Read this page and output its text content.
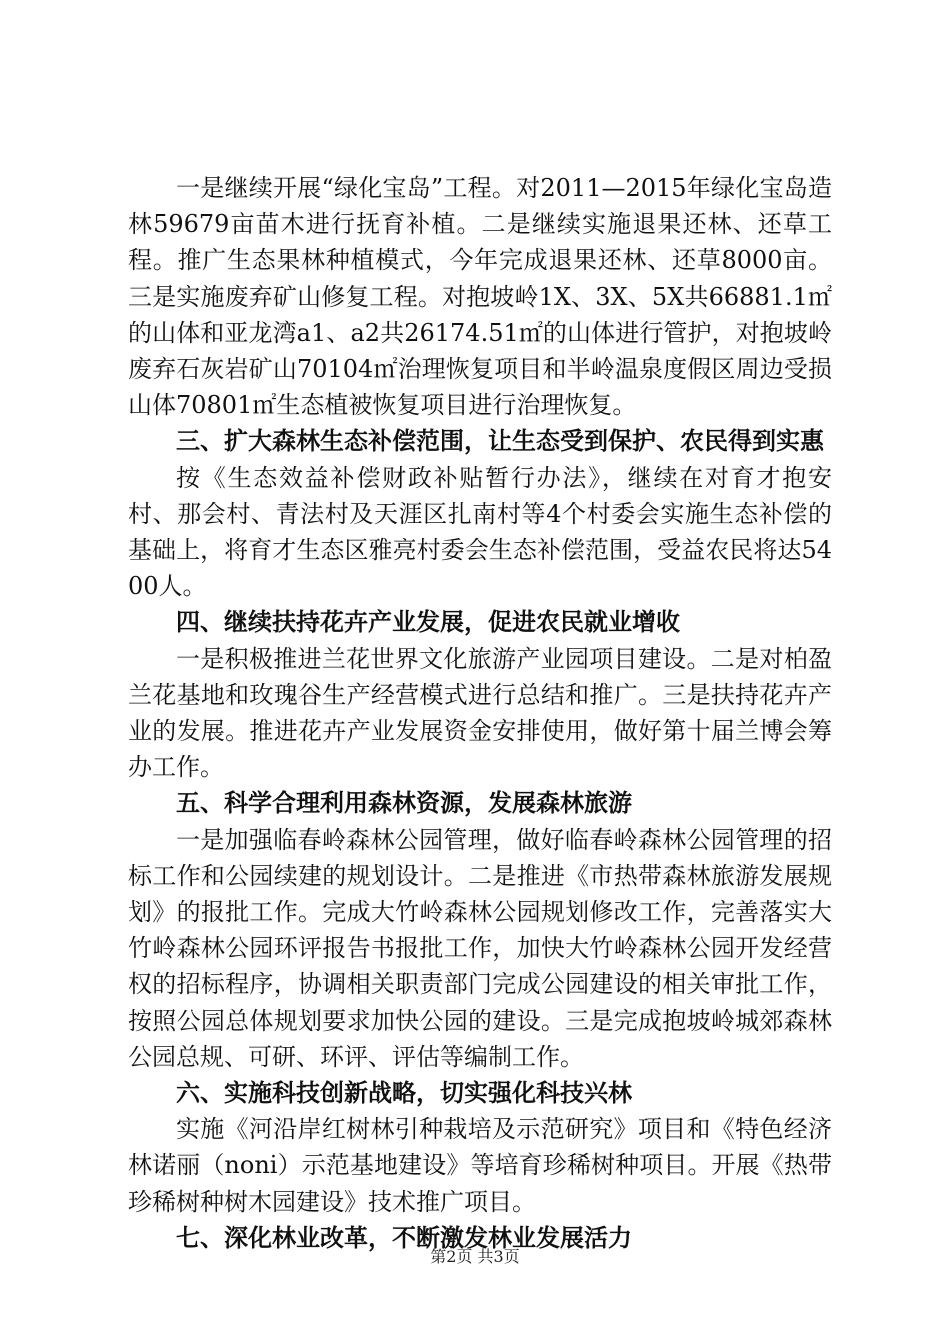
一是继续开展“绿化宝岛”工程。对2011—2015年绿化宝岛造林59679亩苗木进行抚育补植。二是继续实施退果还林、还草工程。推广生态果林种植模式，今年完成退果还林、还草8000亩。三是实施废弃矿山修复工程。对抱坡岭1X、3X、5X共66881.1㎡的山体和亚龙湾a1、a2共26174.51㎡的山体进行管护，对抱坡岭废弃石灰岩矿山70104㎡治理恢复项目和半岭温泉度假区周边受损山体70801㎡生态植被恢复项目进行治理恢复。

三、扩大森林生态补偿范围，让生态受到保护、农民得到实惠

按《生态效益补偿财政补贴暂行办法》，继续在对育才抱安村、那会村、青法村及天涯区扎南村等4个村委会实施生态补偿的基础上，将育才生态区雅亮村委会生态补偿范围，受益农民将达5400人。

四、继续扶持花卉产业发展，促进农民就业增收

一是积极推进兰花世界文化旅游产业园项目建设。二是对柏盈兰花基地和玫瑰谷生产经营模式进行总结和推广。三是扶持花卉产业的发展。推进花卉产业发展资金安排使用，做好第十届兰博会筹办工作。

五、科学合理利用森林资源，发展森林旅游

一是加强临春岭森林公园管理，做好临春岭森林公园管理的招标工作和公园续建的规划设计。二是推进《市热带森林旅游发展规划》的报批工作。完成大竹岭森林公园规划修改工作，完善落实大竹岭森林公园环评报告书报批工作，加快大竹岭森林公园开发经营权的招标程序，协调相关职责部门完成公园建设的相关审批工作，按照公园总体规划要求加快公园的建设。三是完成抱坡岭城郊森林公园总规、可研、环评、评估等编制工作。

六、实施科技创新战略，切实强化科技兴林

实施《河沿岸红树林引种栽培及示范研究》项目和《特色经济林诺丽（noni）示范基地建设》等培育珍稀树种项目。开展《热带珍稀树种树木园建设》技术推广项目。

七、深化林业改革，不断激发林业发展活力

第2页 共3页
